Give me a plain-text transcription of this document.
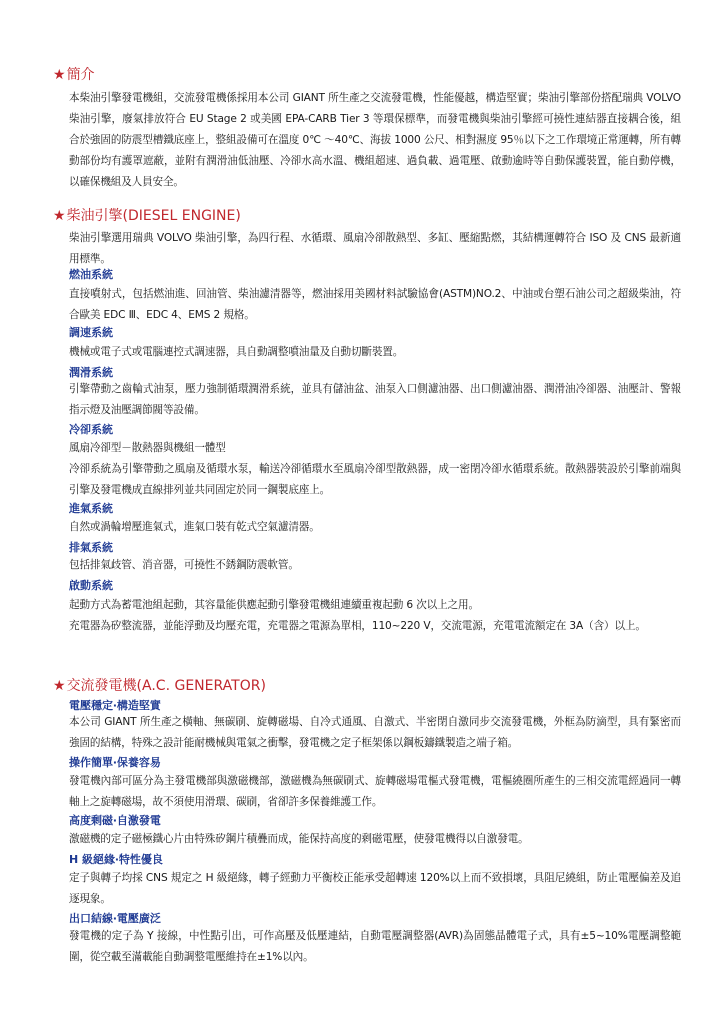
★簡介
本柴油引擎發電機組，交流發電機係採用本公司 GIANT 所生產之交流發電機，性能優越，構造堅實；柴油引擎部份搭配瑞典 VOLVO 柴油引擎，廢氣排放符合 EU Stage 2 或美國 EPA-CARB Tier 3 等環保標準，而發電機與柴油引擎經可撓性連結器直接耦合後，組合於強固的防震型槽鐵底座上，整組設備可在溫度 0℃ ～40℃、海拔 1000 公尺、相對濕度 95％以下之工作環境正常運轉，所有轉動部份均有護罩遮蔽，並附有潤滑油低油壓、冷卻水高水溫、機組超速、過負載、過電壓、啟動逾時等自動保護裝置，能自動停機，以確保機組及人員安全。
★柴油引擎(DIESEL ENGINE)
柴油引擎選用瑞典 VOLVO 柴油引擎，為四行程、水循環、風扇冷卻散熱型、多缸、壓縮點燃，其結構運轉符合 ISO 及 CNS 最新適用標準。
燃油系統
直接噴射式，包括燃油進、回油管、柴油濾清器等，燃油採用美國材料試驗協會(ASTM)NO.2、中油或台塑石油公司之超級柴油，符合歐美 EDC Ⅲ、EDC 4、EMS 2 規格。
調速系統
機械或電子式或電腦連控式調速器，具自動調整噴油量及自動切斷裝置。
潤滑系統
引擎帶動之齒輪式油泵，壓力強制循環潤滑系統，並具有儲油盆、油泵入口側濾油器、出口側濾油器、潤滑油冷卻器、油壓計、警報指示燈及油壓調節閥等設備。
冷卻系統
風扇冷卻型－散熱器與機組一體型
冷卻系統為引擎帶動之風扇及循環水泵，輸送冷卻循環水至風扇冷卻型散熱器，成一密閉冷卻水循環系統。散熱器裝設於引擎前端與引擎及發電機成直線排列並共同固定於同一鋼製底座上。
進氣系統
自然或渦輪增壓進氣式，進氣口裝有乾式空氣濾清器。
排氣系統
包括排氣歧管、消音器，可撓性不銹鋼防震軟管。
啟動系統
起動方式為蓄電池組起動，其容量能供應起動引擎發電機組連續重複起動 6 次以上之用。
充電器為矽整流器，並能浮動及均壓充電，充電器之電源為單相，110~220 V，交流電源，充電電流額定在 3A（含）以上。
★交流發電機(A.C. GENERATOR)
電壓穩定‧構造堅實
本公司 GIANT 所生產之橫軸、無碳刷、旋轉磁場、自冷式通風、自激式、半密閉自激同步交流發電機，外框為防滴型，具有緊密而強固的結構，特殊之設計能耐機械與電氣之衝擊，發電機之定子框架係以鋼板鑄鐵製造之端子箱。
操作簡單‧保養容易
發電機內部可區分為主發電機部與激磁機部，激磁機為無碳刷式、旋轉磁場電樞式發電機，電樞繞圈所產生的三相交流電經過同一轉軸上之旋轉磁場，故不須使用滑環、碳刷，省卻許多保養維護工作。
高度剩磁‧自激發電
激磁機的定子磁極鐵心片由特殊矽鋼片積疊而成，能保持高度的剩磁電壓，使發電機得以自激發電。
H 級絕緣‧特性優良
定子與轉子均採 CNS 規定之 H 級絕緣，轉子經動力平衡校正能承受超轉速 120%以上而不致損壞，具阻尼繞組，防止電壓偏差及追逐現象。
出口結線‧電壓廣泛
發電機的定子為 Y 接線，中性點引出，可作高壓及低壓連結，自動電壓調整器(AVR)為固態晶體電子式，具有±5~10%電壓調整範圍，從空載至滿載能自動調整電壓維持在±1%以內。
